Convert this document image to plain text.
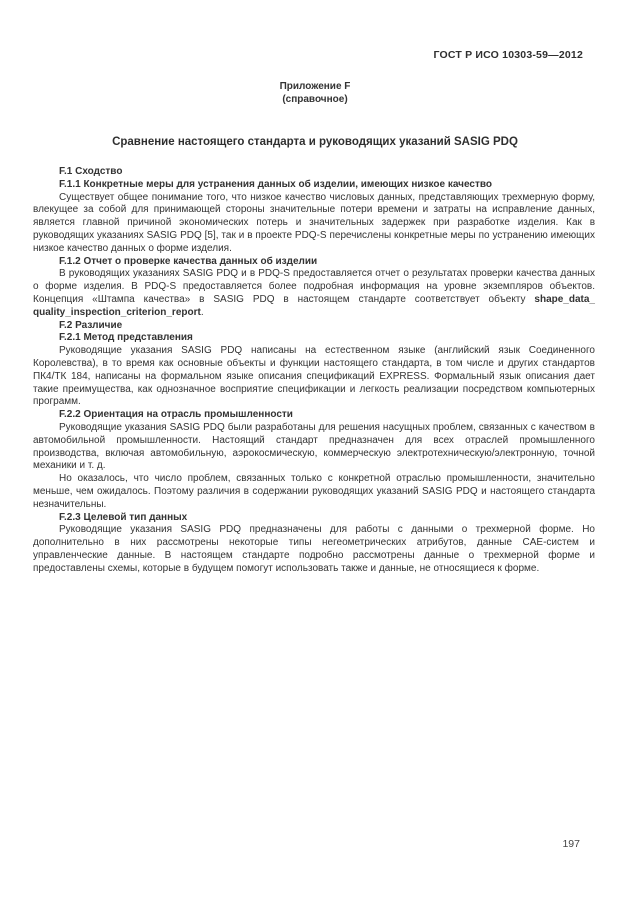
ГОСТ Р ИСО 10303-59—2012
Приложение F
(справочное)
Сравнение настоящего стандарта и руководящих указаний SASIG PDQ

F.1 Сходство

F.1.1 Конкретные меры для устранения данных об изделии, имеющих низкое качество

Существует общее понимание того, что низкое качество числовых данных, представляющих трехмерную форму, влекущее за собой для принимающей стороны значительные потери времени и затраты на исправление данных, является главной причиной экономических потерь и значительных задержек при разработке изделия. Как в руководящих указаниях SASIG PDQ [5], так и в проекте PDQ-S перечислены конкретные меры по устранению имеющих низкое качество данных о форме изделия.

F.1.2 Отчет о проверке качества данных об изделии

В руководящих указаниях SASIG PDQ и в PDQ-S предоставляется отчет о результатах проверки качества данных о форме изделия. В PDQ-S предоставляется более подробная информация на уровне экземпляров объектов. Концепция «Штампа качества» в SASIG PDQ в настоящем стандарте соответствует объекту shape_data_ quality_inspection_criterion_report.

F.2 Различие

F.2.1 Метод представления

Руководящие указания SASIG PDQ написаны на естественном языке (английский язык Соединенного Королевства), в то время как основные объекты и функции настоящего стандарта, в том числе и других стандартов ПК4/ТК 184, написаны на формальном языке описания спецификаций EXPRESS. Формальный язык описания дает такие преимущества, как однозначное восприятие спецификации и легкость реализации посредством компьютерных программ.

F.2.2 Ориентация на отрасль промышленности

Руководящие указания SASIG PDQ были разработаны для решения насущных проблем, связанных с качеством в автомобильной промышленности. Настоящий стандарт предназначен для всех отраслей промышленного производства, включая автомобильную, аэрокосмическую, коммерческую электротехническую/электронную, точной механики и т. д.

Но оказалось, что число проблем, связанных только с конкретной отраслью промышленности, значительно меньше, чем ожидалось. Поэтому различия в содержании руководящих указаний SASIG PDQ и настоящего стандарта незначительны.

F.2.3 Целевой тип данных

Руководящие указания SASIG PDQ предназначены для работы с данными о трехмерной форме. Но дополнительно в них рассмотрены некоторые типы негеометрических атрибутов, данные CAE-систем и управленческие данные. В настоящем стандарте подробно рассмотрены данные о трехмерной форме и предоставлены схемы, которые в будущем помогут использовать также и данные, не относящиеся к форме.

197
